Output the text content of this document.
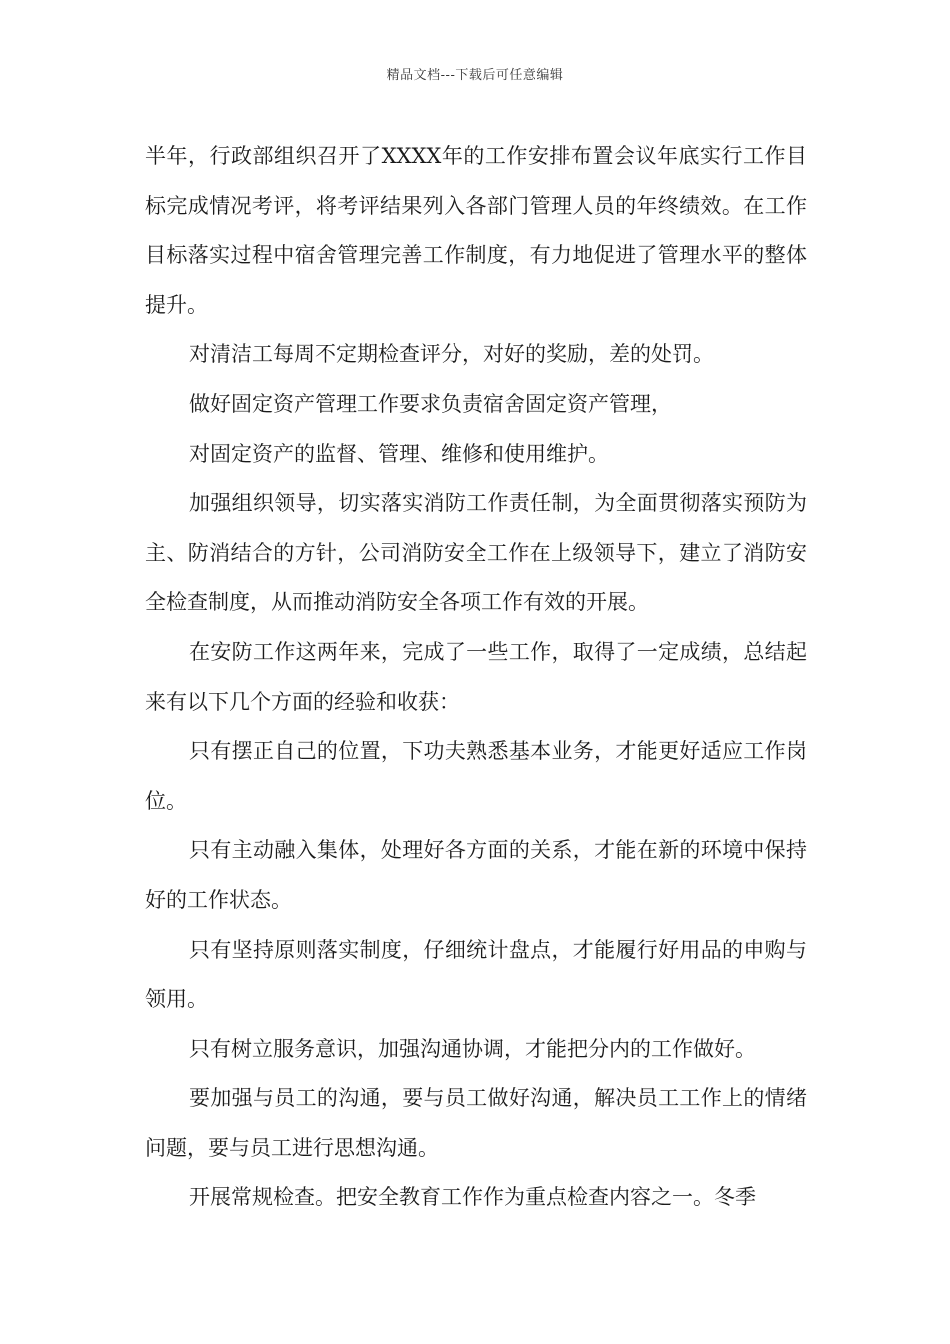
精品文档---下载后可任意编辑

半年，行政部组织召开了XXXX年的工作安排布置会议年底实行工作目标完成情况考评，将考评结果列入各部门管理人员的年终绩效。在工作目标落实过程中宿舍管理完善工作制度，有力地促进了管理水平的整体提升。

对清洁工每周不定期检查评分，对好的奖励，差的处罚。

做好固定资产管理工作要求负责宿舍固定资产管理，

对固定资产的监督、管理、维修和使用维护。

加强组织领导，切实落实消防工作责任制，为全面贯彻落实预防为主、防消结合的方针，公司消防安全工作在上级领导下，建立了消防安全检查制度，从而推动消防安全各项工作有效的开展。

在安防工作这两年来，完成了一些工作，取得了一定成绩，总结起来有以下几个方面的经验和收获：

只有摆正自己的位置，下功夫熟悉基本业务，才能更好适应工作岗位。

只有主动融入集体，处理好各方面的关系，才能在新的环境中保持好的工作状态。

只有坚持原则落实制度，仔细统计盘点，才能履行好用品的申购与领用。

只有树立服务意识，加强沟通协调，才能把分内的工作做好。

要加强与员工的沟通，要与员工做好沟通，解决员工工作上的情绪问题，要与员工进行思想沟通。

开展常规检查。把安全教育工作作为重点检查内容之一。冬季
